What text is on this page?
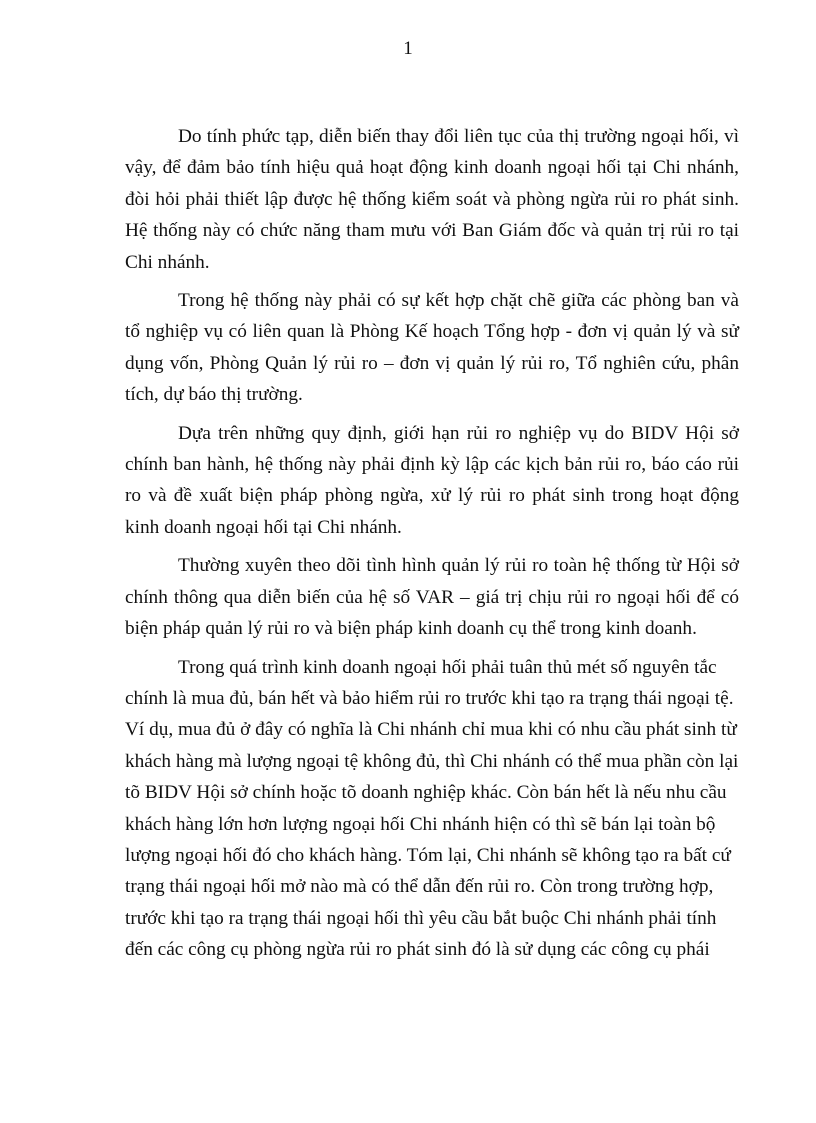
1

Do tính phức tạp, diễn biến thay đổi liên tục của thị trường ngoại hối, vì vậy, để đảm bảo tính hiệu quả hoạt động kinh doanh ngoại hối tại Chi nhánh, đòi hỏi phải thiết lập được hệ thống kiểm soát và phòng ngừa rủi ro phát sinh. Hệ thống này có chức năng tham mưu với Ban Giám đốc và quản trị rủi ro tại Chi nhánh.

Trong hệ thống này phải có sự kết hợp chặt chẽ giữa các phòng ban và tổ nghiệp vụ có liên quan là Phòng Kế hoạch Tổng hợp - đơn vị quản lý và sử dụng vốn, Phòng Quản lý rủi ro – đơn vị quản lý rủi ro, Tổ nghiên cứu, phân tích, dự báo thị trường.

Dựa trên những quy định, giới hạn rủi ro nghiệp vụ do BIDV Hội sở chính ban hành, hệ thống này phải định kỳ lập các kịch bản rủi ro, báo cáo rủi ro và đề xuất biện pháp phòng ngừa, xử lý rủi ro phát sinh trong hoạt động kinh doanh ngoại hối tại Chi nhánh.

Thường xuyên theo dõi tình hình quản lý rủi ro toàn hệ thống từ Hội sở chính thông qua diễn biến của hệ số VAR – giá trị chịu rủi ro ngoại hối để có biện pháp quản lý rủi ro và biện pháp kinh doanh cụ thể trong kinh doanh.

Trong quá trình kinh doanh ngoại hối phải tuân thủ mét số nguyên tắc chính là mua đủ, bán hết và bảo hiểm rủi ro trước khi tạo ra trạng thái ngoại tệ. Ví dụ, mua đủ ở đây có nghĩa là Chi nhánh chỉ mua khi có nhu cầu phát sinh từ khách hàng mà lượng ngoại tệ không đủ, thì Chi nhánh có thể mua phần còn lại tõ BIDV Hội sở chính hoặc tõ doanh nghiệp khác. Còn bán hết là nếu nhu cầu khách hàng lớn hơn lượng ngoại hối Chi nhánh hiện có thì sẽ bán lại toàn bộ lượng ngoại hối đó cho khách hàng. Tóm lại, Chi nhánh sẽ không tạo ra bất cứ trạng thái ngoại hối mở nào mà có thể dẫn đến rủi ro. Còn trong trường hợp, trước khi tạo ra trạng thái ngoại hối thì yêu cầu bắt buộc Chi nhánh phải tính đến các công cụ phòng ngừa rủi ro phát sinh đó là sử dụng các công cụ phái
